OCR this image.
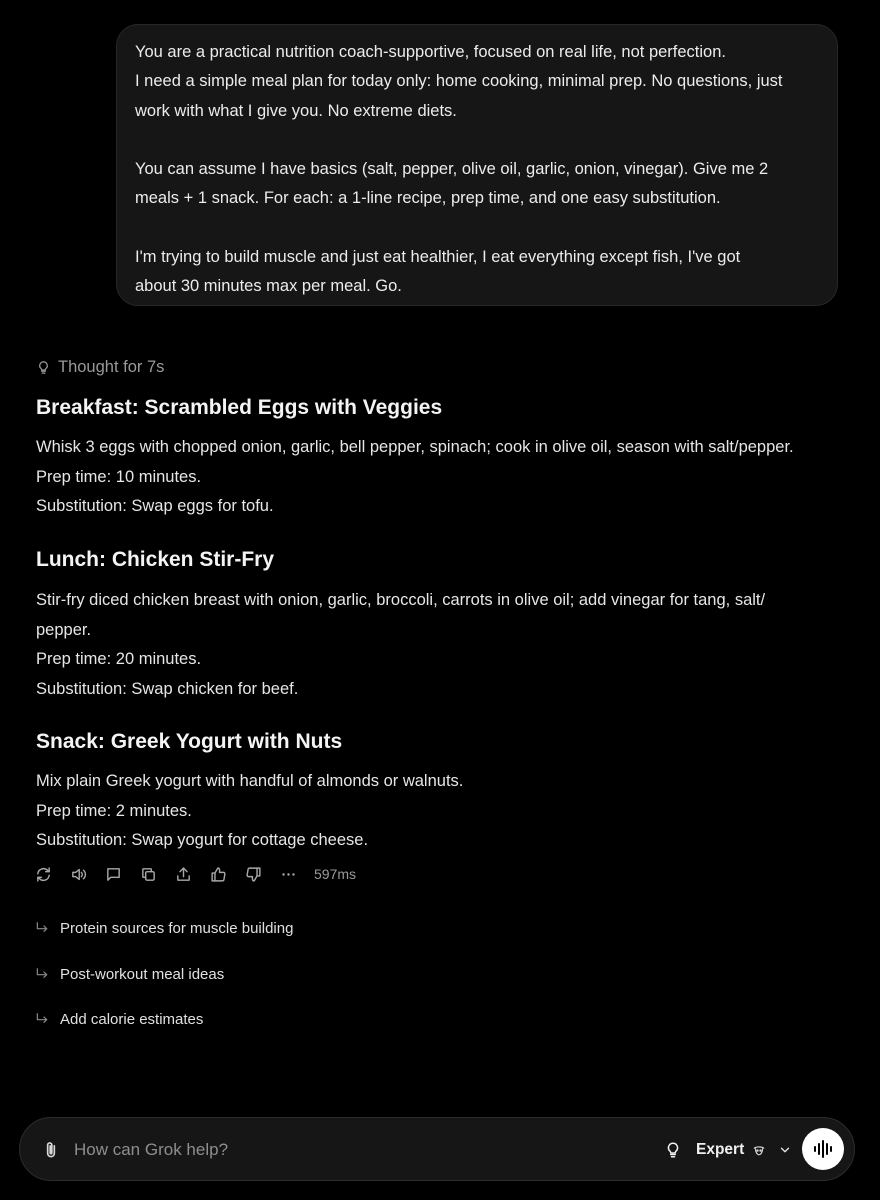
You are a practical nutrition coach-supportive, focused on real life, not perfection.

I need a simple meal plan for today only: home cooking, minimal prep. No questions, just

work with what I give you. No extreme diets.

You can assume I have basics (salt, pepper, olive oil, garlic, onion, vinegar). Give me 2

meals + 1 snack. For each: a 1-line recipe, prep time, and one easy substitution.

I'm trying to build muscle and just eat healthier, I eat everything except fish, I've got

about 30 minutes max per meal. Go.

Thought for 7s
Breakfast: Scrambled Eggs with Veggies
Whisk 3 eggs with chopped onion, garlic, bell pepper, spinach; cook in olive oil, season with salt/pepper.
Prep time: 10 minutes.
Substitution: Swap eggs for tofu.
Lunch: Chicken Stir-Fry
Stir-fry diced chicken breast with onion, garlic, broccoli, carrots in olive oil; add vinegar for tang, salt/
pepper.
Prep time: 20 minutes.
Substitution: Swap chicken for beef.
Snack: Greek Yogurt with Nuts
Mix plain Greek yogurt with handful of almonds or walnuts.
Prep time: 2 minutes.
Substitution: Swap yogurt for cottage cheese.
597ms
Protein sources for muscle building
Post-workout meal ideas
Add calorie estimates
How can Grok help?
Expert
